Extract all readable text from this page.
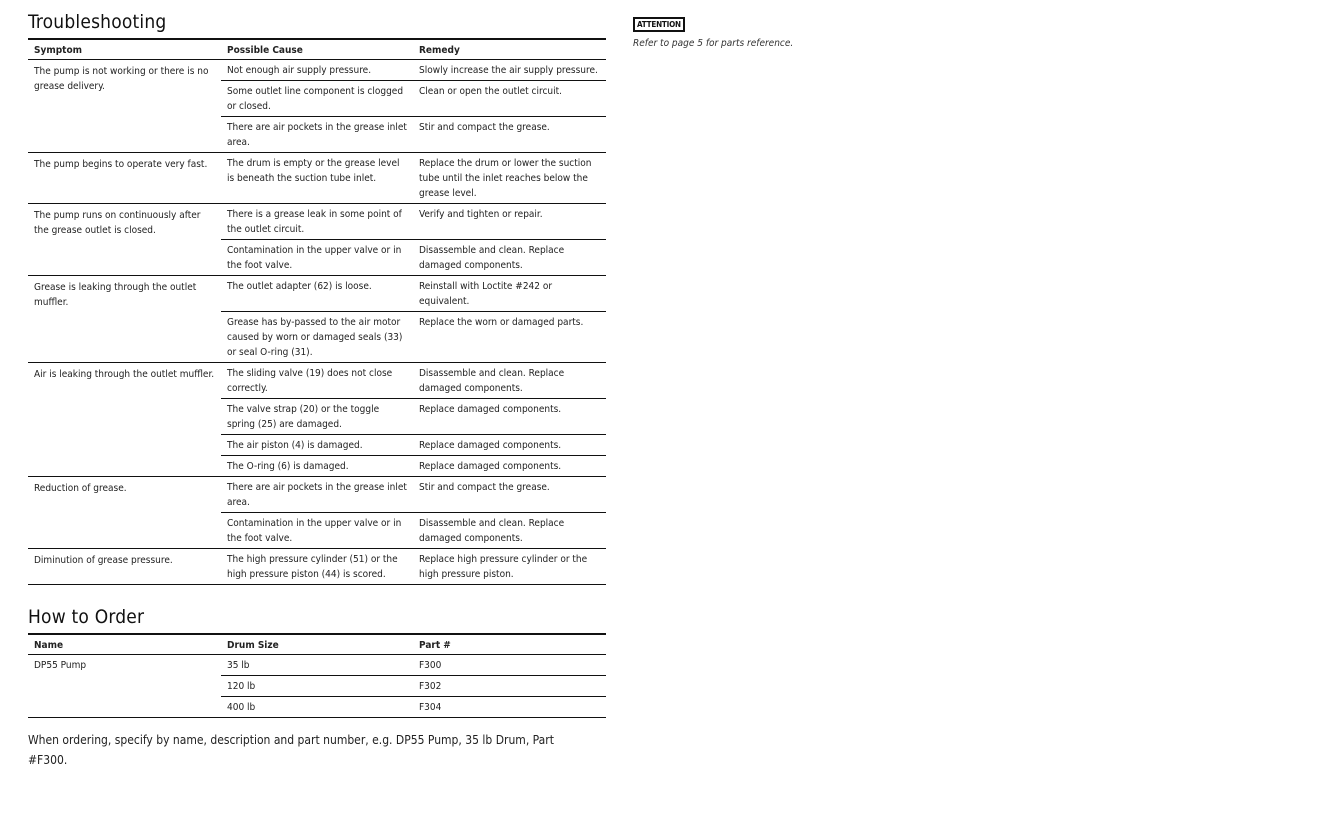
Troubleshooting
Symptom	Possible Cause	Remedy
The pump is not working or there is no grease delivery.	Not enough air supply pressure.	Slowly increase the air supply pressure.
	Some outlet line component is clogged or closed.	Clean or open the outlet circuit.
	There are air pockets in the grease inlet area.	Stir and compact the grease.
The pump begins to operate very fast.	The drum is empty or the grease level is beneath the suction tube inlet.	Replace the drum or lower the suction tube until the inlet reaches below the grease level.
The pump runs on continuously after the grease outlet is closed.	There is a grease leak in some point of the outlet circuit.	Verify and tighten or repair.
	Contamination in the upper valve or in the foot valve.	Disassemble and clean. Replace damaged components.
Grease is leaking through the outlet muffler.	The outlet adapter (62) is loose.	Reinstall with Loctite #242 or equivalent.
	Grease has by-passed to the air motor caused by worn or damaged seals (33) or seal O-ring (31).	Replace the worn or damaged parts.
Air is leaking through the outlet muffler.	The sliding valve (19) does not close correctly.	Disassemble and clean. Replace damaged components.
	The valve strap (20) or the toggle spring (25) are damaged.	Replace damaged components.
	The air piston (4) is damaged.	Replace damaged components.
	The O-ring (6) is damaged.	Replace damaged components.
Reduction of grease.	There are air pockets in the grease inlet area.	Stir and compact the grease.
	Contamination in the upper valve or in the foot valve.	Disassemble and clean. Replace damaged components.
Diminution of grease pressure.	The high pressure cylinder (51) or the high pressure piston (44) is scored.	Replace high pressure cylinder or the high pressure piston.
How to Order
Name	Drum Size	Part #
DP55 Pump	35 lb	F300
	120 lb	F302
	400 lb	F304
When ordering, specify by name, description and part number, e.g. DP55 Pump, 35 lb Drum, Part #F300.
ATTENTION
Refer to page 5 for parts reference.
